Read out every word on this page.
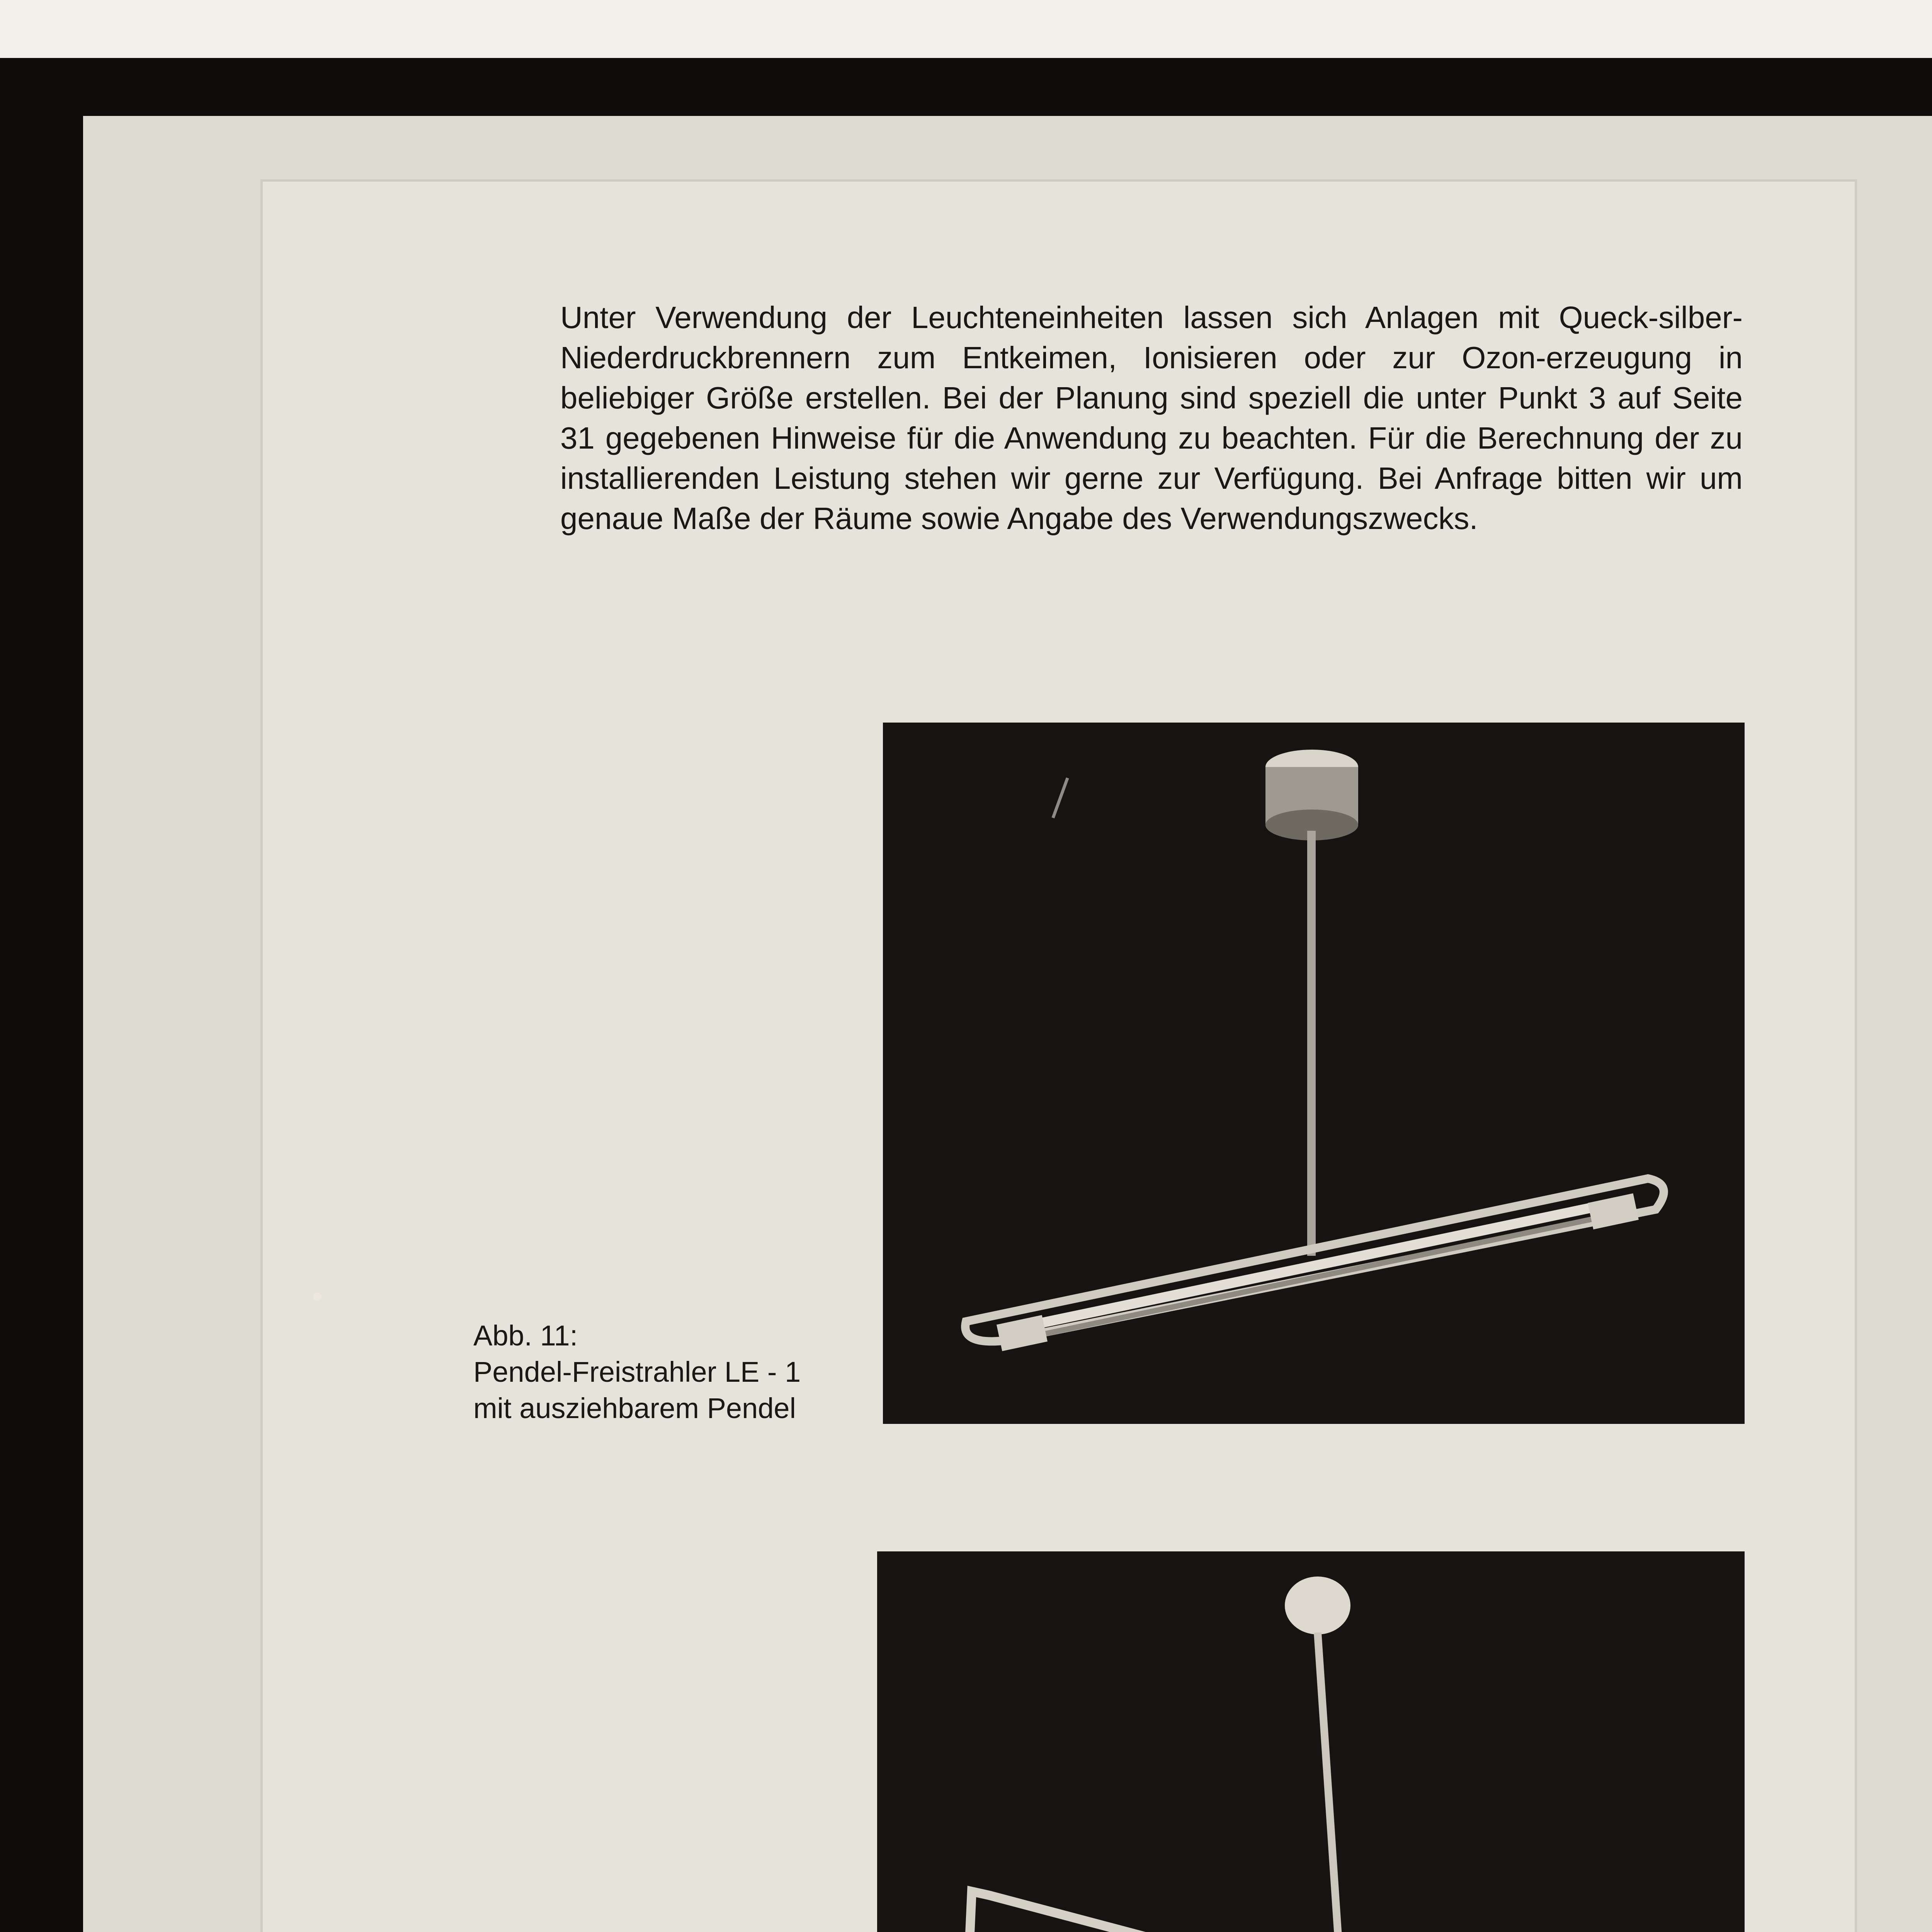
Unter Verwendung der Leuchteneinheiten lassen sich Anlagen mit Queck-silber-Niederdruckbrennern zum Entkeimen, Ionisieren oder zur Ozon-erzeugung in beliebiger Größe erstellen. Bei der Planung sind speziell die unter Punkt 3 auf Seite 31 gegebenen Hinweise für die Anwendung zu beachten. Für die Berechnung der zu installierenden Leistung stehen wir gerne zur Verfügung. Bei Anfrage bitten wir um genaue Maße der Räume sowie Angabe des Verwendungszwecks.

Abb. 11:
Pendel-Freistrahler LE - 1
mit ausziehbarem Pendel
